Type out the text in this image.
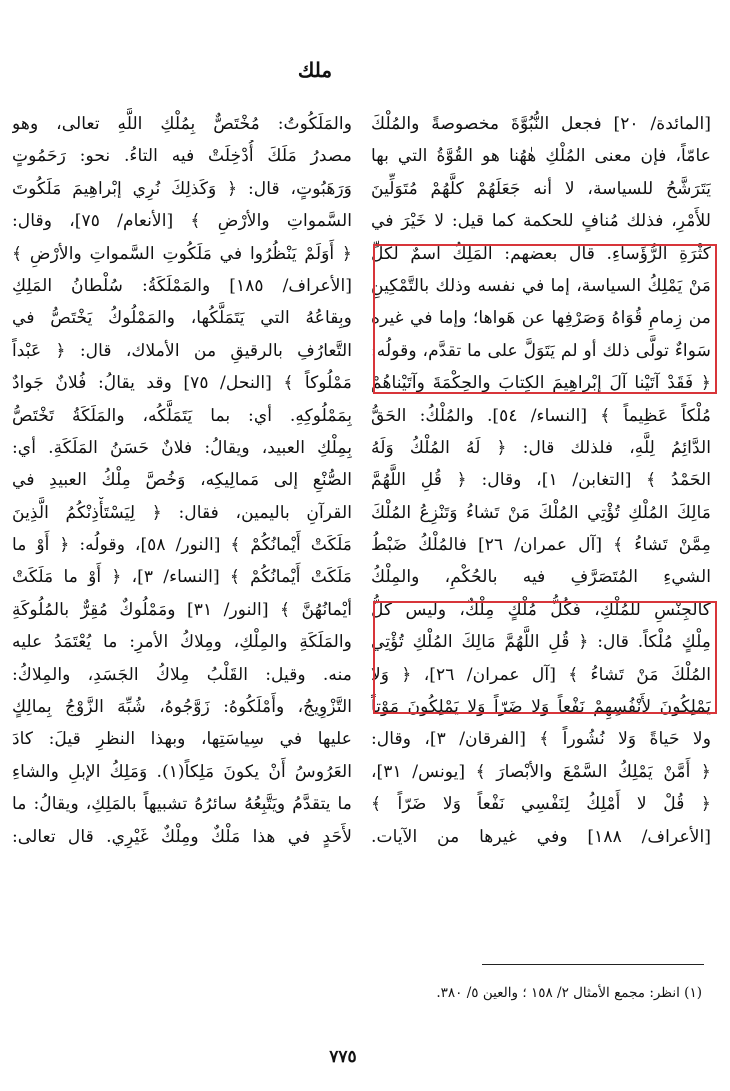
ملك
[المائدة/ ٢٠] فجعل النُّبُوَّةَ مخصوصةً والمُلْكَ
عامّاً، فإن معنى المُلْكِ هٰهُنا هو القُوَّةُ التي بها
يَتَرَشَّحُ للسياسة، لا أنه جَعَلَهُمْ كلَّهُمْ مُتَوَلِّينَ
للأَمْرِ، فذلك مُنافٍ للحكمة كما قيل: لا خَيْرَ في
كَثْرَةِ الرُّؤَساءِ. قال بعضهم: المَلِكُ اسمٌ لكلِّ
مَنْ يَمْلِكُ السياسة، إما في نفسه وذلك بالتَّمْكِينِ
من زِمامِ قُوَاهُ وَصَرْفِها عن هَواها؛ وإما في غيره
سَواءٌ تولَّى ذلك أو لم يَتَوَلَّ على ما تقدَّم، وقولُه:
﴿ فَقَدْ آتَيْنا آلَ إبْراهِيمَ الكِتابَ والحِكْمَةَ وآتَيْناهُمْ
مُلْكاً عَظِيماً ﴾ [النساء/ ٥٤]. والمُلْكُ: الحَقُّ
الدَّائِمُ لِلَّهِ، فلذلك قال: ﴿ لَهُ المُلْكُ وَلَهُ
الحَمْدُ ﴾ [التغابن/ ١]، وقال: ﴿ قُلِ اللَّهُمَّ
مَالِكَ المُلْكِ تُؤْتِي المُلْكَ مَنْ تَشاءُ وَتَنْزِعُ المُلْكَ
مِمَّنْ تَشاءُ ﴾ [آل عمران/ ٢٦] فالمُلْكُ ضَبْطُ
الشيءِ المُتَصَرَّفِ فيه بالحُكْمِ، والمِلْكُ
كالجِنْسِ للمُلْكِ، فَكُلُّ مُلْكٍ مِلْكٌ، وليس كلُّ
مِلْكٍ مُلْكاً. قال: ﴿ قُلِ اللَّهُمَّ مَالِكَ المُلْكِ تُؤْتِي
المُلْكَ مَنْ تَشاءُ ﴾ [آل عمران/ ٢٦]، ﴿ وَلا
يَمْلِكُونَ لأَنْفُسِهِمْ نَفْعاً وَلا ضَرّاً وَلا يَمْلِكُونَ مَوْتاً
ولا حَياةً وَلا نُشُوراً ﴾ [الفرقان/ ٣]، وقال:
﴿ أَمَّنْ يَمْلِكُ السَّمْعَ والأبْصارَ ﴾ [يونس/ ٣١]،
﴿ قُلْ لا أَمْلِكُ لِنَفْسِي نَفْعاً وَلا ضَرّاً ﴾
[الأعراف/ ١٨٨] وفي غيرها من الآيات.
والمَلَكُوتُ: مُخْتَصٌّ بِمُلْكِ اللَّهِ تعالى، وهو
مصدرُ مَلَكَ أُدْخِلَتْ فيه التاءُ. نحو: رَحَمُوتٍ
وَرَهَبُوتٍ، قال: ﴿ وَكَذلِكَ نُرِي إبْراهِيمَ مَلَكُوتَ
السَّمواتِ والأرْضِ ﴾ [الأنعام/ ٧٥]، وقال:
﴿ أَوَلَمْ يَنْظُرُوا في مَلَكُوتِ السَّمواتِ والأرْضِ ﴾
[الأعراف/ ١٨٥] والمَمْلَكَةُ: سُلْطانُ المَلِكِ
وبِقاعُهُ التي يَتَمَلَّكُها، والمَمْلُوكُ يَخْتَصُّ في
التَّعارُفِ بالرقيقِ من الأملاك، قال: ﴿ عَبْداً
مَمْلُوكاً ﴾ [النحل/ ٧٥] وقد يقالُ: فُلانٌ جَوادٌ
بِمَمْلُوكِهِ. أي: بما يَتَمَلَّكُه، والمَلَكَةُ تَخْتَصُّ
بِمِلْكِ العبيد، ويقالُ: فلانٌ حَسَنُ المَلَكَةِ. أي:
الصُّنْعِ إلى مَمالِيكِه، وَخُصَّ مِلْكُ العبيدِ في
القرآنِ باليمين، فقال: ﴿ لِيَسْتَأْذِنْكُمُ الَّذِينَ
مَلَكَتْ أَيْمانُكُمْ ﴾ [النور/ ٥٨]، وقولُه: ﴿ أَوْ ما
مَلَكَتْ أَيْمانُكُمْ ﴾ [النساء/ ٣]، ﴿ أَوْ ما مَلَكَتْ
أيْمانُهُنَّ ﴾ [النور/ ٣١] ومَمْلُوكٌ مُقِرٌّ بالمُلُوكَةِ
والمَلَكَةِ والمِلْكِ، ومِلاكُ الأمرِ: ما يُعْتَمَدُ عليه
منه. وقيل: القَلْبُ مِلاكُ الجَسَدِ، والمِلاكُ:
التَّزْوِيجُ، وأَمْلَكُوهُ: زَوَّجُوهُ، شُبِّهَ الزَّوْجُ بِمالِكٍ
عليها في سِياسَتِها، وبهذا النظرِ قيلَ: كادَ
العَرُوسُ أَنْ يكونَ مَلِكاً(١). وَمَلِكُ الإبلِ والشاءِ
ما يتقدَّمُ ويَتَّبِعُهُ سائرُهُ تشبيهاً بالمَلِكِ، ويقالُ: ما
لأَحَدٍ في هذا مَلْكٌ ومِلْكٌ غَيْرِي. قال تعالى:
(١) انظر: مجمع الأمثال ٢/ ١٥٨ ؛ والعين ٥/ ٣٨٠.
٧٧٥
